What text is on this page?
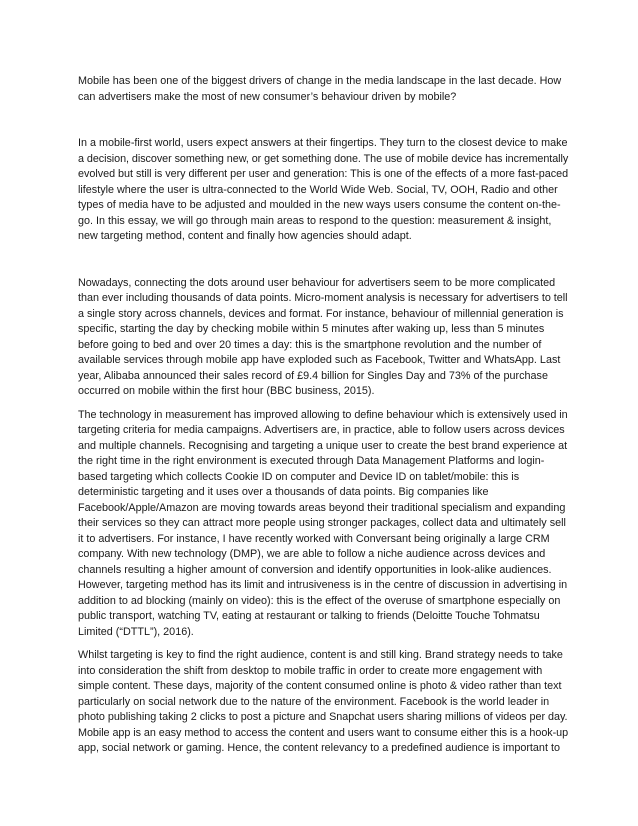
Mobile has been one of the biggest drivers of change in the media landscape in the last decade. How
can advertisers make the most of new consumer’s behaviour driven by mobile?

In a mobile-first world, users expect answers at their fingertips. They turn to the closest device to make
a decision, discover something new, or get something done. The use of mobile device has incrementally
evolved but still is very different per user and generation: This is one of the effects of a more fast-paced
lifestyle where the user is ultra-connected to the World Wide Web. Social, TV, OOH, Radio and other
types of media have to be adjusted and moulded in the new ways users consume the content on-the-
go. In this essay, we will go through main areas to respond to the question: measurement & insight,
new targeting method, content and finally how agencies should adapt.

Nowadays, connecting the dots around user behaviour for advertisers seem to be more complicated
than ever including thousands of data points. Micro-moment analysis is necessary for advertisers to tell
a single story across channels, devices and format. For instance, behaviour of millennial generation is
specific, starting the day by checking mobile within 5 minutes after waking up, less than 5 minutes
before going to bed and over 20 times a day: this is the smartphone revolution and the number of
available services through mobile app have exploded such as Facebook, Twitter and WhatsApp. Last
year, Alibaba announced their sales record of £9.4 billion for Singles Day and 73% of the purchase
occurred on mobile within the first hour (BBC business, 2015).

The technology in measurement has improved allowing to define behaviour which is extensively used in
targeting criteria for media campaigns. Advertisers are, in practice, able to follow users across devices
and multiple channels. Recognising and targeting a unique user to create the best brand experience at
the right time in the right environment is executed through Data Management Platforms and login-
based targeting which collects Cookie ID on computer and Device ID on tablet/mobile: this is
deterministic targeting and it uses over a thousands of data points. Big companies like
Facebook/Apple/Amazon are moving towards areas beyond their traditional specialism and expanding
their services so they can attract more people using stronger packages, collect data and ultimately sell
it to advertisers. For instance, I have recently worked with Conversant being originally a large CRM
company. With new technology (DMP), we are able to follow a niche audience across devices and
channels resulting a higher amount of conversion and identify opportunities in look-alike audiences.
However, targeting method has its limit and intrusiveness is in the centre of discussion in advertising in
addition to ad blocking (mainly on video): this is the effect of the overuse of smartphone especially on
public transport, watching TV, eating at restaurant or talking to friends (Deloitte Touche Tohmatsu
Limited (“DTTL”), 2016).

Whilst targeting is key to find the right audience, content is and still king. Brand strategy needs to take
into consideration the shift from desktop to mobile traffic in order to create more engagement with
simple content. These days, majority of the content consumed online is photo & video rather than text
particularly on social network due to the nature of the environment. Facebook is the world leader in
photo publishing taking 2 clicks to post a picture and Snapchat users sharing millions of videos per day.
Mobile app is an easy method to access the content and users want to consume either this is a hook-up
app, social network or gaming. Hence, the content relevancy to a predefined audience is important to
